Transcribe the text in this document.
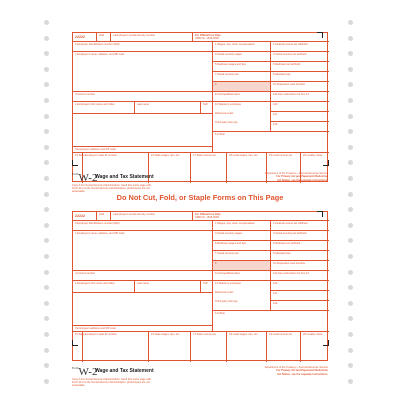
22222	Void	a Employee's social security number	For Official Use Only
OMB No. 1545-0008
b Employer identification number (EIN)
c Employer's name, address, and ZIP code
d Control number
e Employee's first name and initial	Last name	Suff.
f Employee's address and ZIP code
1 Wages, tips, other compensation	2 Federal income tax withheld
3 Social security wages	4 Social security tax withheld
5 Medicare wages and tips	6 Medicare tax withheld
7 Social security tips	8 Allocated tips
9	10 Dependent care benefits
11 Nonqualified plans	12a See instructions for box 12
13 Statutory employee
Retirement plan
Third-party sick pay
12b
12c
12d
14 Other
15 State Employer's state ID number	16 State wages, tips, etc.	17 State income tax	18 Local wages, tips, etc.	19 Local income tax	20 Locality name
$^{Form}$W-2
Wage and Tax Statement
Copy A For Social Security Administration. Send this entire page with
Form W-3 to the Social Security Administration; photocopies are not acceptable.
Department of the Treasury—Internal Revenue Service
For Privacy Act and Paperwork Reduction
Act Notice, see the separate instructions.
Do Not Cut, Fold, or Staple Forms on This Page
22222	Void	a Employee's social security number	For Official Use Only
OMB No. 1545-0008
b Employer identification number (EIN)
c Employer's name, address, and ZIP code
d Control number
e Employee's first name and initial	Last name	Suff.
f Employee's address and ZIP code
1 Wages, tips, other compensation	2 Federal income tax withheld
3 Social security wages	4 Social security tax withheld
5 Medicare wages and tips	6 Medicare tax withheld
7 Social security tips	8 Allocated tips
9	10 Dependent care benefits
11 Nonqualified plans	12a See instructions for box 12
13 Statutory employee
Retirement plan
Third-party sick pay
12b
12c
12d
14 Other
15 State Employer's state ID number	16 State wages, tips, etc.	17 State income tax	18 Local wages, tips, etc.	19 Local income tax	20 Locality name
$^{Form}$W-2
Wage and Tax Statement
Copy A For Social Security Administration. Send this entire page with
Form W-3 to the Social Security Administration; photocopies are not acceptable.
Department of the Treasury—Internal Revenue Service
For Privacy Act and Paperwork Reduction
Act Notice, see the separate instructions.
